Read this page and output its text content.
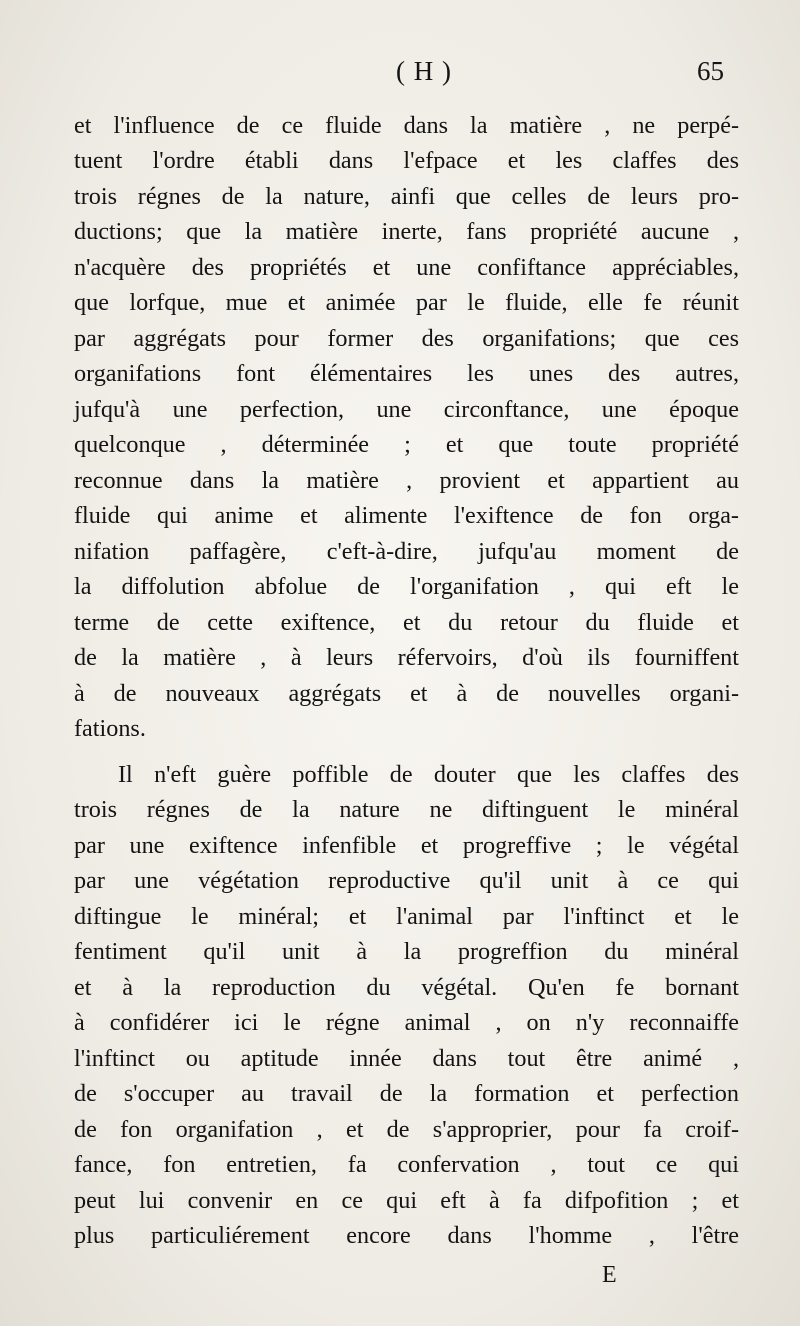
( H )	65
et l'influence de ce fluide dans la matière , ne perpé-
tuent l'ordre établi dans l'efpace et les claffes des
trois régnes de la nature, ainfi que celles de leurs pro-
ductions; que la matière inerte, fans propriété aucune ,
n'acquère des propriétés et une confiftance appréciables,
que lorfque, mue et animée par le fluide, elle fe réunit
par aggrégats pour former des organifations; que ces
organifations font élémentaires les unes des autres,
jufqu'à une perfection, une circonftance, une époque
quelconque , déterminée ; et que toute propriété
reconnue dans la matière , provient et appartient au
fluide qui anime et alimente l'exiftence de fon orga-
nifation paffagère, c'eft-à-dire, jufqu'au moment de
la diffolution abfolue de l'organifation , qui eft le
terme de cette exiftence, et du retour du fluide et
de la matière , à leurs réfervoirs, d'où ils fourniffent
à de nouveaux aggrégats et à de nouvelles organi-
fations.
Il n'eft guère poffible de douter que les claffes des
trois régnes de la nature ne diftinguent le minéral
par une exiftence infenfible et progreffive ; le végétal
par une végétation reproductive qu'il unit à ce qui
diftingue le minéral; et l'animal par l'inftinct et le
fentiment qu'il unit à la progreffion du minéral
et à la reproduction du végétal. Qu'en fe bornant
à confidérer ici le régne animal , on n'y reconnaiffe
l'inftinct ou aptitude innée dans tout être animé ,
de s'occuper au travail de la formation et perfection
de fon organifation , et de s'approprier, pour fa croif-
fance, fon entretien, fa confervation , tout ce qui
peut lui convenir en ce qui eft à fa difpofition ; et
plus particuliérement encore dans l'homme , l'être
E
